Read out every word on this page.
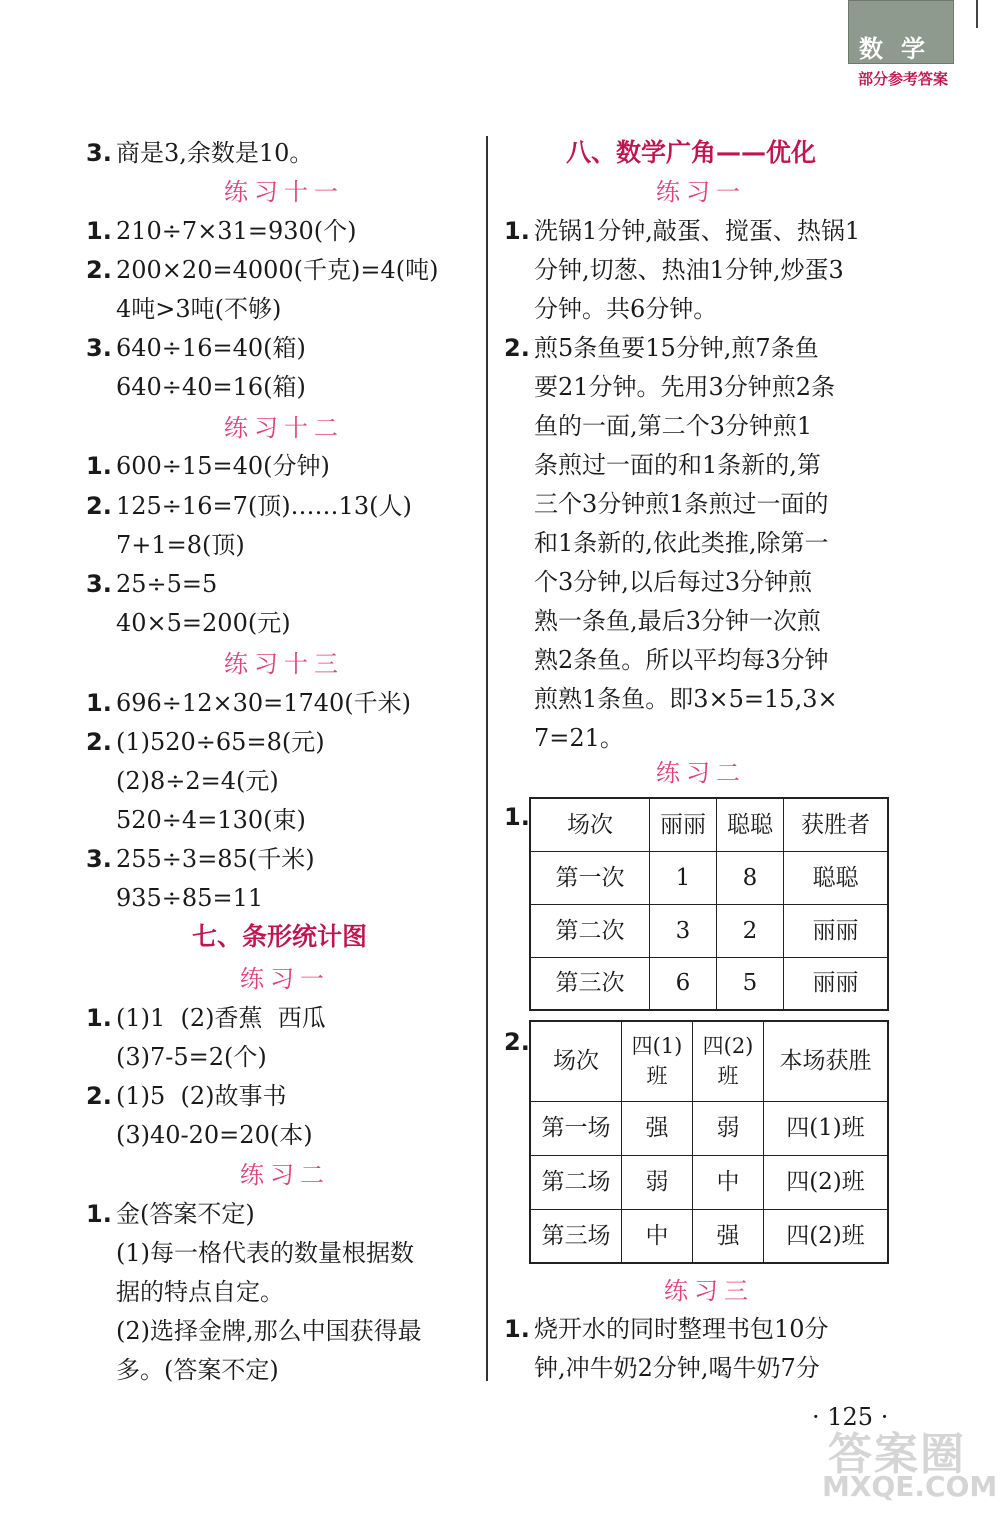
数学
部分参考答案
3. 商是3,余数是10。
练习十一
1. 210÷7×31=930(个)
2. 200×20=4000(千克)=4(吨)
4吨>3吨(不够)
3. 640÷16=40(箱)
640÷40=16(箱)
练习十二
1. 600÷15=40(分钟)
2. 125÷16=7(顶)……13(人)
7+1=8(顶)
3. 25÷5=5
40×5=200(元)
练习十三
1. 696÷12×30=1740(千米)
2. (1)520÷65=8(元)
(2)8÷2=4(元)
520÷4=130(束)
3. 255÷3=85(千米)
935÷85=11
七、条形统计图
练习一
1. (1)1  (2)香蕉  西瓜
(3)7-5=2(个)
2. (1)5  (2)故事书
(3)40-20=20(本)
练习二
1. 金(答案不定)
(1)每一格代表的数量根据数
据的特点自定。
(2)选择金牌,那么中国获得最
多。(答案不定)
八、数学广角——优化
练习一
1. 洗锅1分钟,敲蛋、搅蛋、热锅1
分钟,切葱、热油1分钟,炒蛋3
分钟。共6分钟。
2. 煎5条鱼要15分钟,煎7条鱼
要21分钟。先用3分钟煎2条
鱼的一面,第二个3分钟煎1
条煎过一面的和1条新的,第
三个3分钟煎1条煎过一面的
和1条新的,依此类推,除第一
个3分钟,以后每过3分钟煎
熟一条鱼,最后3分钟一次煎
熟2条鱼。所以平均每3分钟
煎熟1条鱼。即3×5=15,3×
7=21。
练习二
1. 场次	丽丽	聪聪	获胜者
第一次	1	8	聪聪
第二次	3	2	丽丽
第三次	6	5	丽丽
2.
场次	四(1)班	四(2)班	本场获胜
第一场	强	弱	四(1)班
第二场	弱	中	四(2)班
第三场	中	强	四(2)班
练习三
1. 烧开水的同时整理书包10分
钟,冲牛奶2分钟,喝牛奶7分
· 125 ·
答案圈
MXQE.COM
